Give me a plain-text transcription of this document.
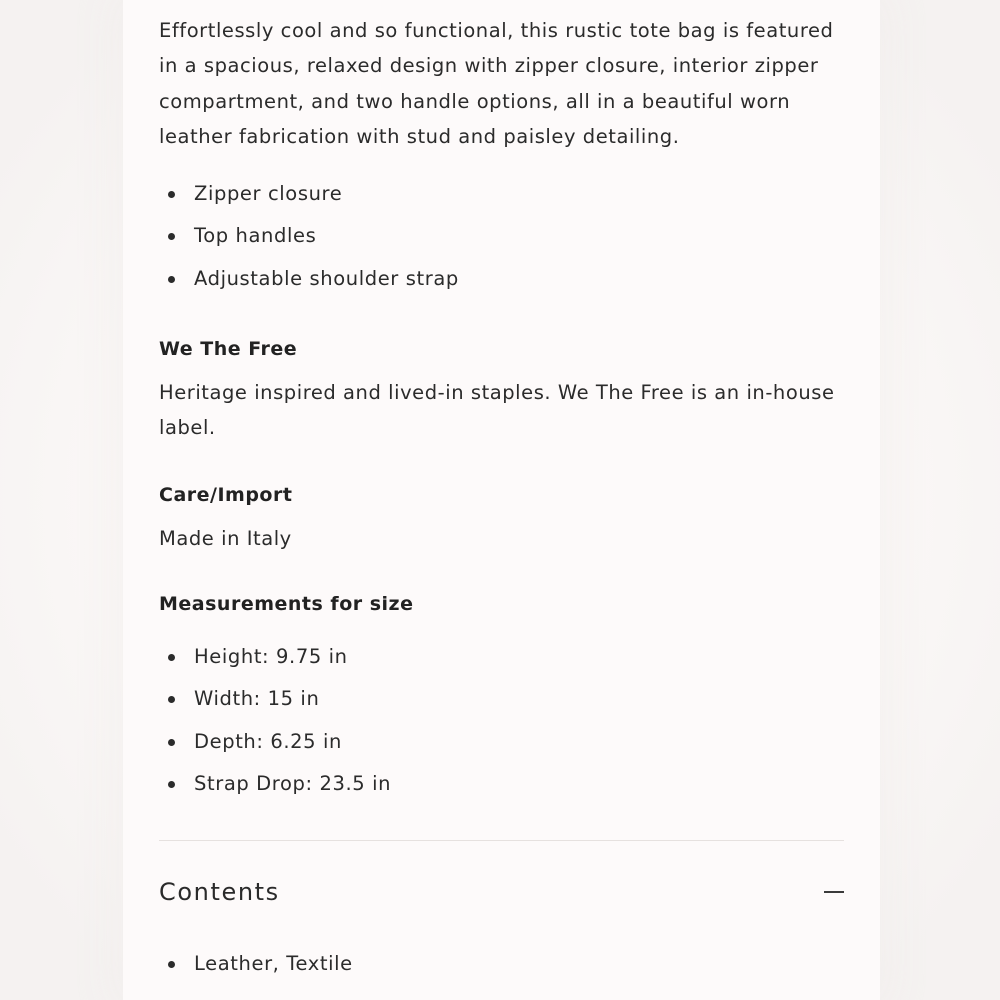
Effortlessly cool and so functional, this rustic tote bag is featured
in a spacious, relaxed design with zipper closure, interior zipper
compartment, and two handle options, all in a beautiful worn
leather fabrication with stud and paisley detailing.

Zipper closure
Top handles
Adjustable shoulder strap
We The Free

Heritage inspired and lived-in staples. We The Free is an in-house
label.

Care/Import

Made in Italy

Measurements for size
Height: 9.75 in
Width: 15 in
Depth: 6.25 in
Strap Drop: 23.5 in
Contents
Leather, Textile
